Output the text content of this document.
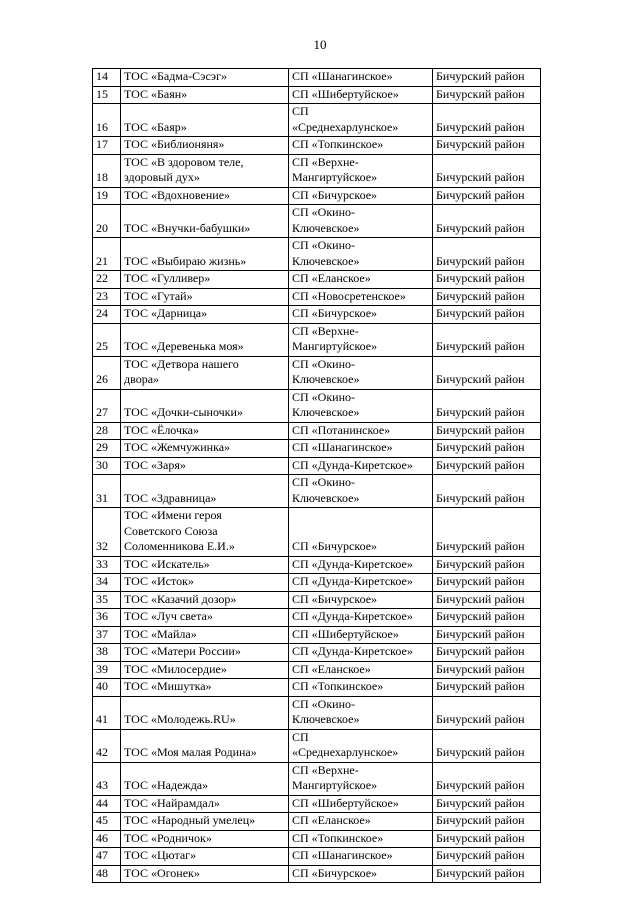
10
14	ТОС «Бадма-Сэсэг»	СП «Шанагинское»	Бичурский район
15	ТОС «Баян»	СП «Шибертуйское»	Бичурский район
16	ТОС «Баяр»	СП
«Среднехарлунское»	Бичурский район
17	ТОС «Библионяня»	СП «Топкинское»	Бичурский район
18	ТОС «В здоровом теле,
здоровый дух»	СП «Верхне-
Мангиртуйское»	Бичурский район
19	ТОС «Вдохновение»	СП «Бичурское»	Бичурский район
20	ТОС «Внучки-бабушки»	СП «Окино-
Ключевское»	Бичурский район
21	ТОС «Выбираю жизнь»	СП «Окино-
Ключевское»	Бичурский район
22	ТОС «Гулливер»	СП «Еланское»	Бичурский район
23	ТОС «Гутай»	СП «Новосретенское»	Бичурский район
24	ТОС «Дарница»	СП «Бичурское»	Бичурский район
25	ТОС «Деревенька моя»	СП «Верхне-
Мангиртуйское»	Бичурский район
26	ТОС «Детвора нашего
двора»	СП «Окино-
Ключевское»	Бичурский район
27	ТОС «Дочки-сыночки»	СП «Окино-
Ключевское»	Бичурский район
28	ТОС «Ёлочка»	СП «Потанинское»	Бичурский район
29	ТОС «Жемчужинка»	СП «Шанагинское»	Бичурский район
30	ТОС «Заря»	СП «Дунда-Киретское»	Бичурский район
31	ТОС «Здравница»	СП «Окино-
Ключевское»	Бичурский район
32	ТОС «Имени героя
Советского Союза
Соломенникова Е.И.»	СП «Бичурское»	Бичурский район
33	ТОС «Искатель»	СП «Дунда-Киретское»	Бичурский район
34	ТОС «Исток»	СП «Дунда-Киретское»	Бичурский район
35	ТОС «Казачий дозор»	СП «Бичурское»	Бичурский район
36	ТОС «Луч света»	СП «Дунда-Киретское»	Бичурский район
37	ТОС «Майла»	СП «Шибертуйское»	Бичурский район
38	ТОС «Матери России»	СП «Дунда-Киретское»	Бичурский район
39	ТОС «Милосердие»	СП «Еланское»	Бичурский район
40	ТОС «Мишутка»	СП «Топкинское»	Бичурский район
41	ТОС «Молодежь.RU»	СП «Окино-
Ключевское»	Бичурский район
42	ТОС «Моя малая Родина»	СП
«Среднехарлунское»	Бичурский район
43	ТОС «Надежда»	СП «Верхне-
Мангиртуйское»	Бичурский район
44	ТОС «Найрамдал»	СП «Шибертуйское»	Бичурский район
45	ТОС «Народный умелец»	СП «Еланское»	Бичурский район
46	ТОС «Родничок»	СП «Топкинское»	Бичурский район
47	ТОС «Цютаг»	СП «Шанагинское»	Бичурский район
48	ТОС «Огонек»	СП «Бичурское»	Бичурский район
